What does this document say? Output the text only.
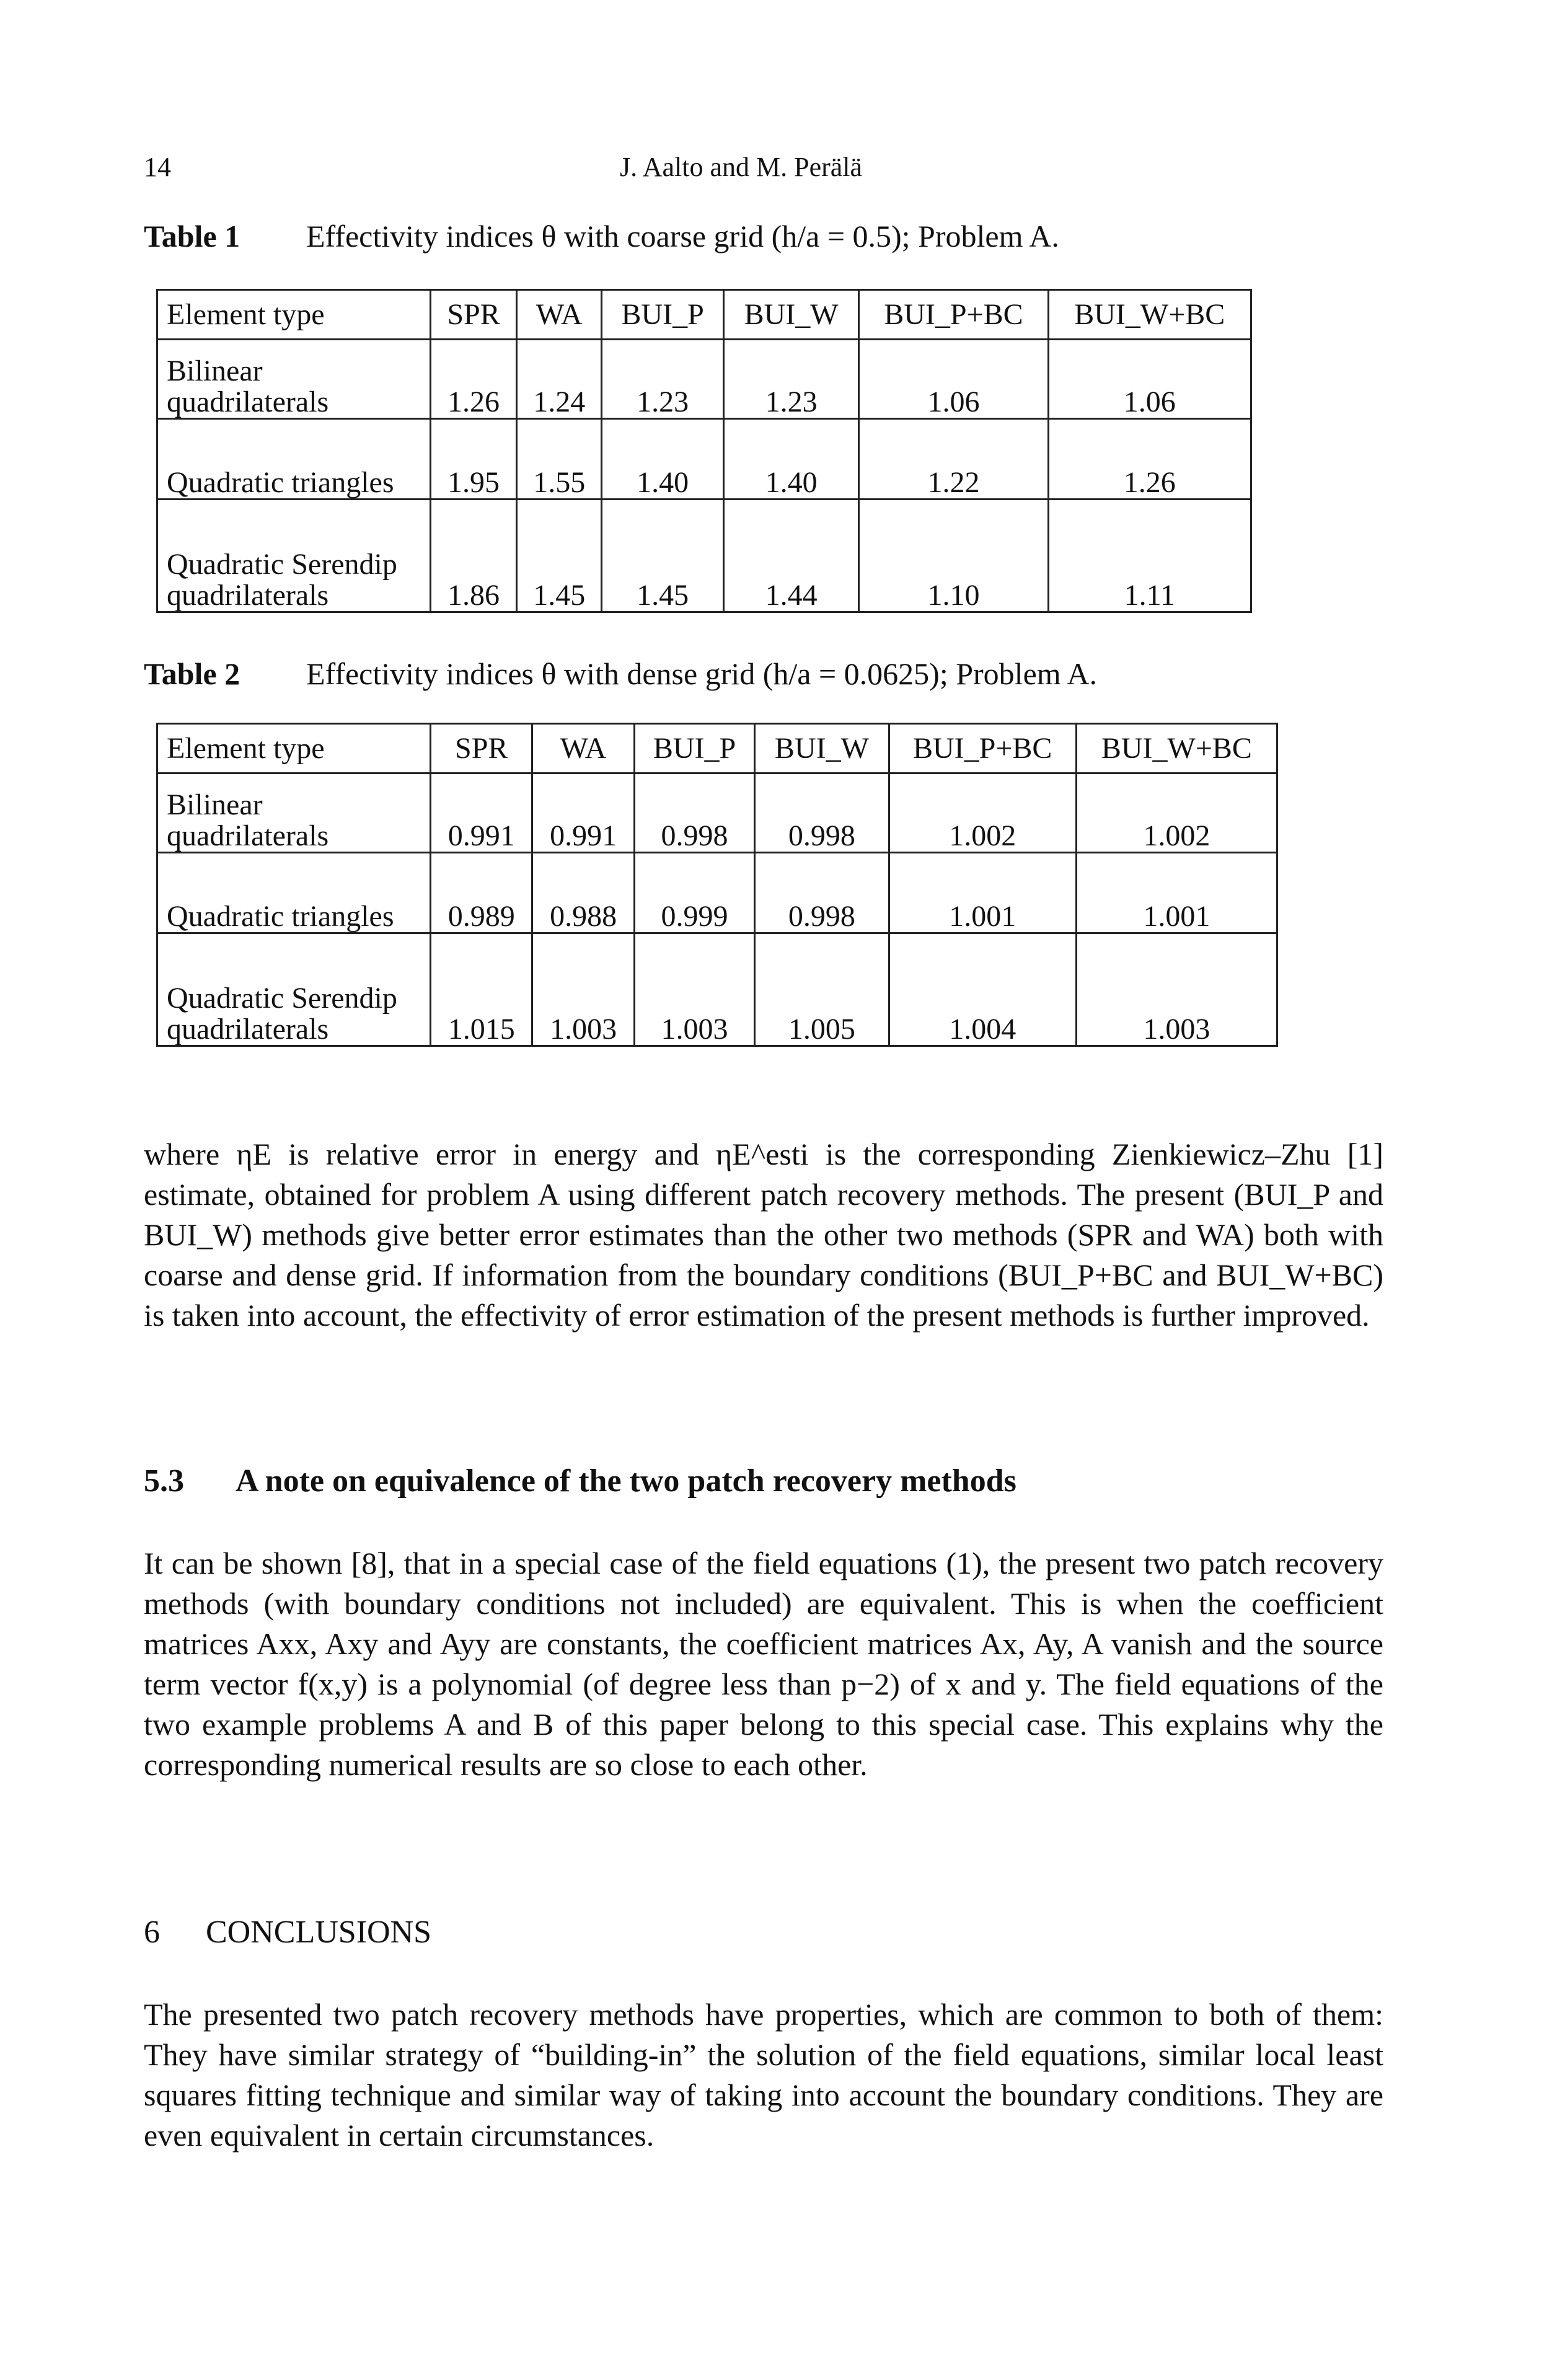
14	J. Aalto and M. Perälä
Table 1 Effectivity indices θ with coarse grid (h/a = 0.5); Problem A.
Element type	SPR	WA	BUI_P	BUI_W	BUI_P+BC	BUI_W+BC
Bilinear quadrilaterals	1.26	1.24	1.23	1.23	1.06	1.06
Quadratic triangles	1.95	1.55	1.40	1.40	1.22	1.26
Quadratic Serendip quadrilaterals	1.86	1.45	1.45	1.44	1.10	1.11
Table 2 Effectivity indices θ with dense grid (h/a = 0.0625); Problem A.
Element type	SPR	WA	BUI_P	BUI_W	BUI_P+BC	BUI_W+BC
Bilinear quadrilaterals	0.991	0.991	0.998	0.998	1.002	1.002
Quadratic triangles	0.989	0.988	0.999	0.998	1.001	1.001
Quadratic Serendip quadrilaterals	1.015	1.003	1.003	1.005	1.004	1.003

where ηE is relative error in energy and ηE^esti is the corresponding Zienkiewicz–Zhu [1] estimate, obtained for problem A using different patch recovery methods. The present (BUI_P and BUI_W) methods give better error estimates than the other two methods (SPR and WA) both with coarse and dense grid. If information from the boundary conditions (BUI_P+BC and BUI_W+BC) is taken into account, the effectivity of error estimation of the present methods is further improved.

5.3 A note on equivalence of the two patch recovery methods

It can be shown [8], that in a special case of the field equations (1), the present two patch recovery methods (with boundary conditions not included) are equivalent. This is when the coefficient matrices Axx, Axy and Ayy are constants, the coefficient matrices Ax, Ay, A vanish and the source term vector f(x,y) is a polynomial (of degree less than p−2) of x and y. The field equations of the two example problems A and B of this paper belong to this special case. This explains why the corresponding numerical results are so close to each other.

6 CONCLUSIONS

The presented two patch recovery methods have properties, which are common to both of them: They have similar strategy of “building-in” the solution of the field equations, similar local least squares fitting technique and similar way of taking into account the boundary conditions. They are even equivalent in certain circumstances.
